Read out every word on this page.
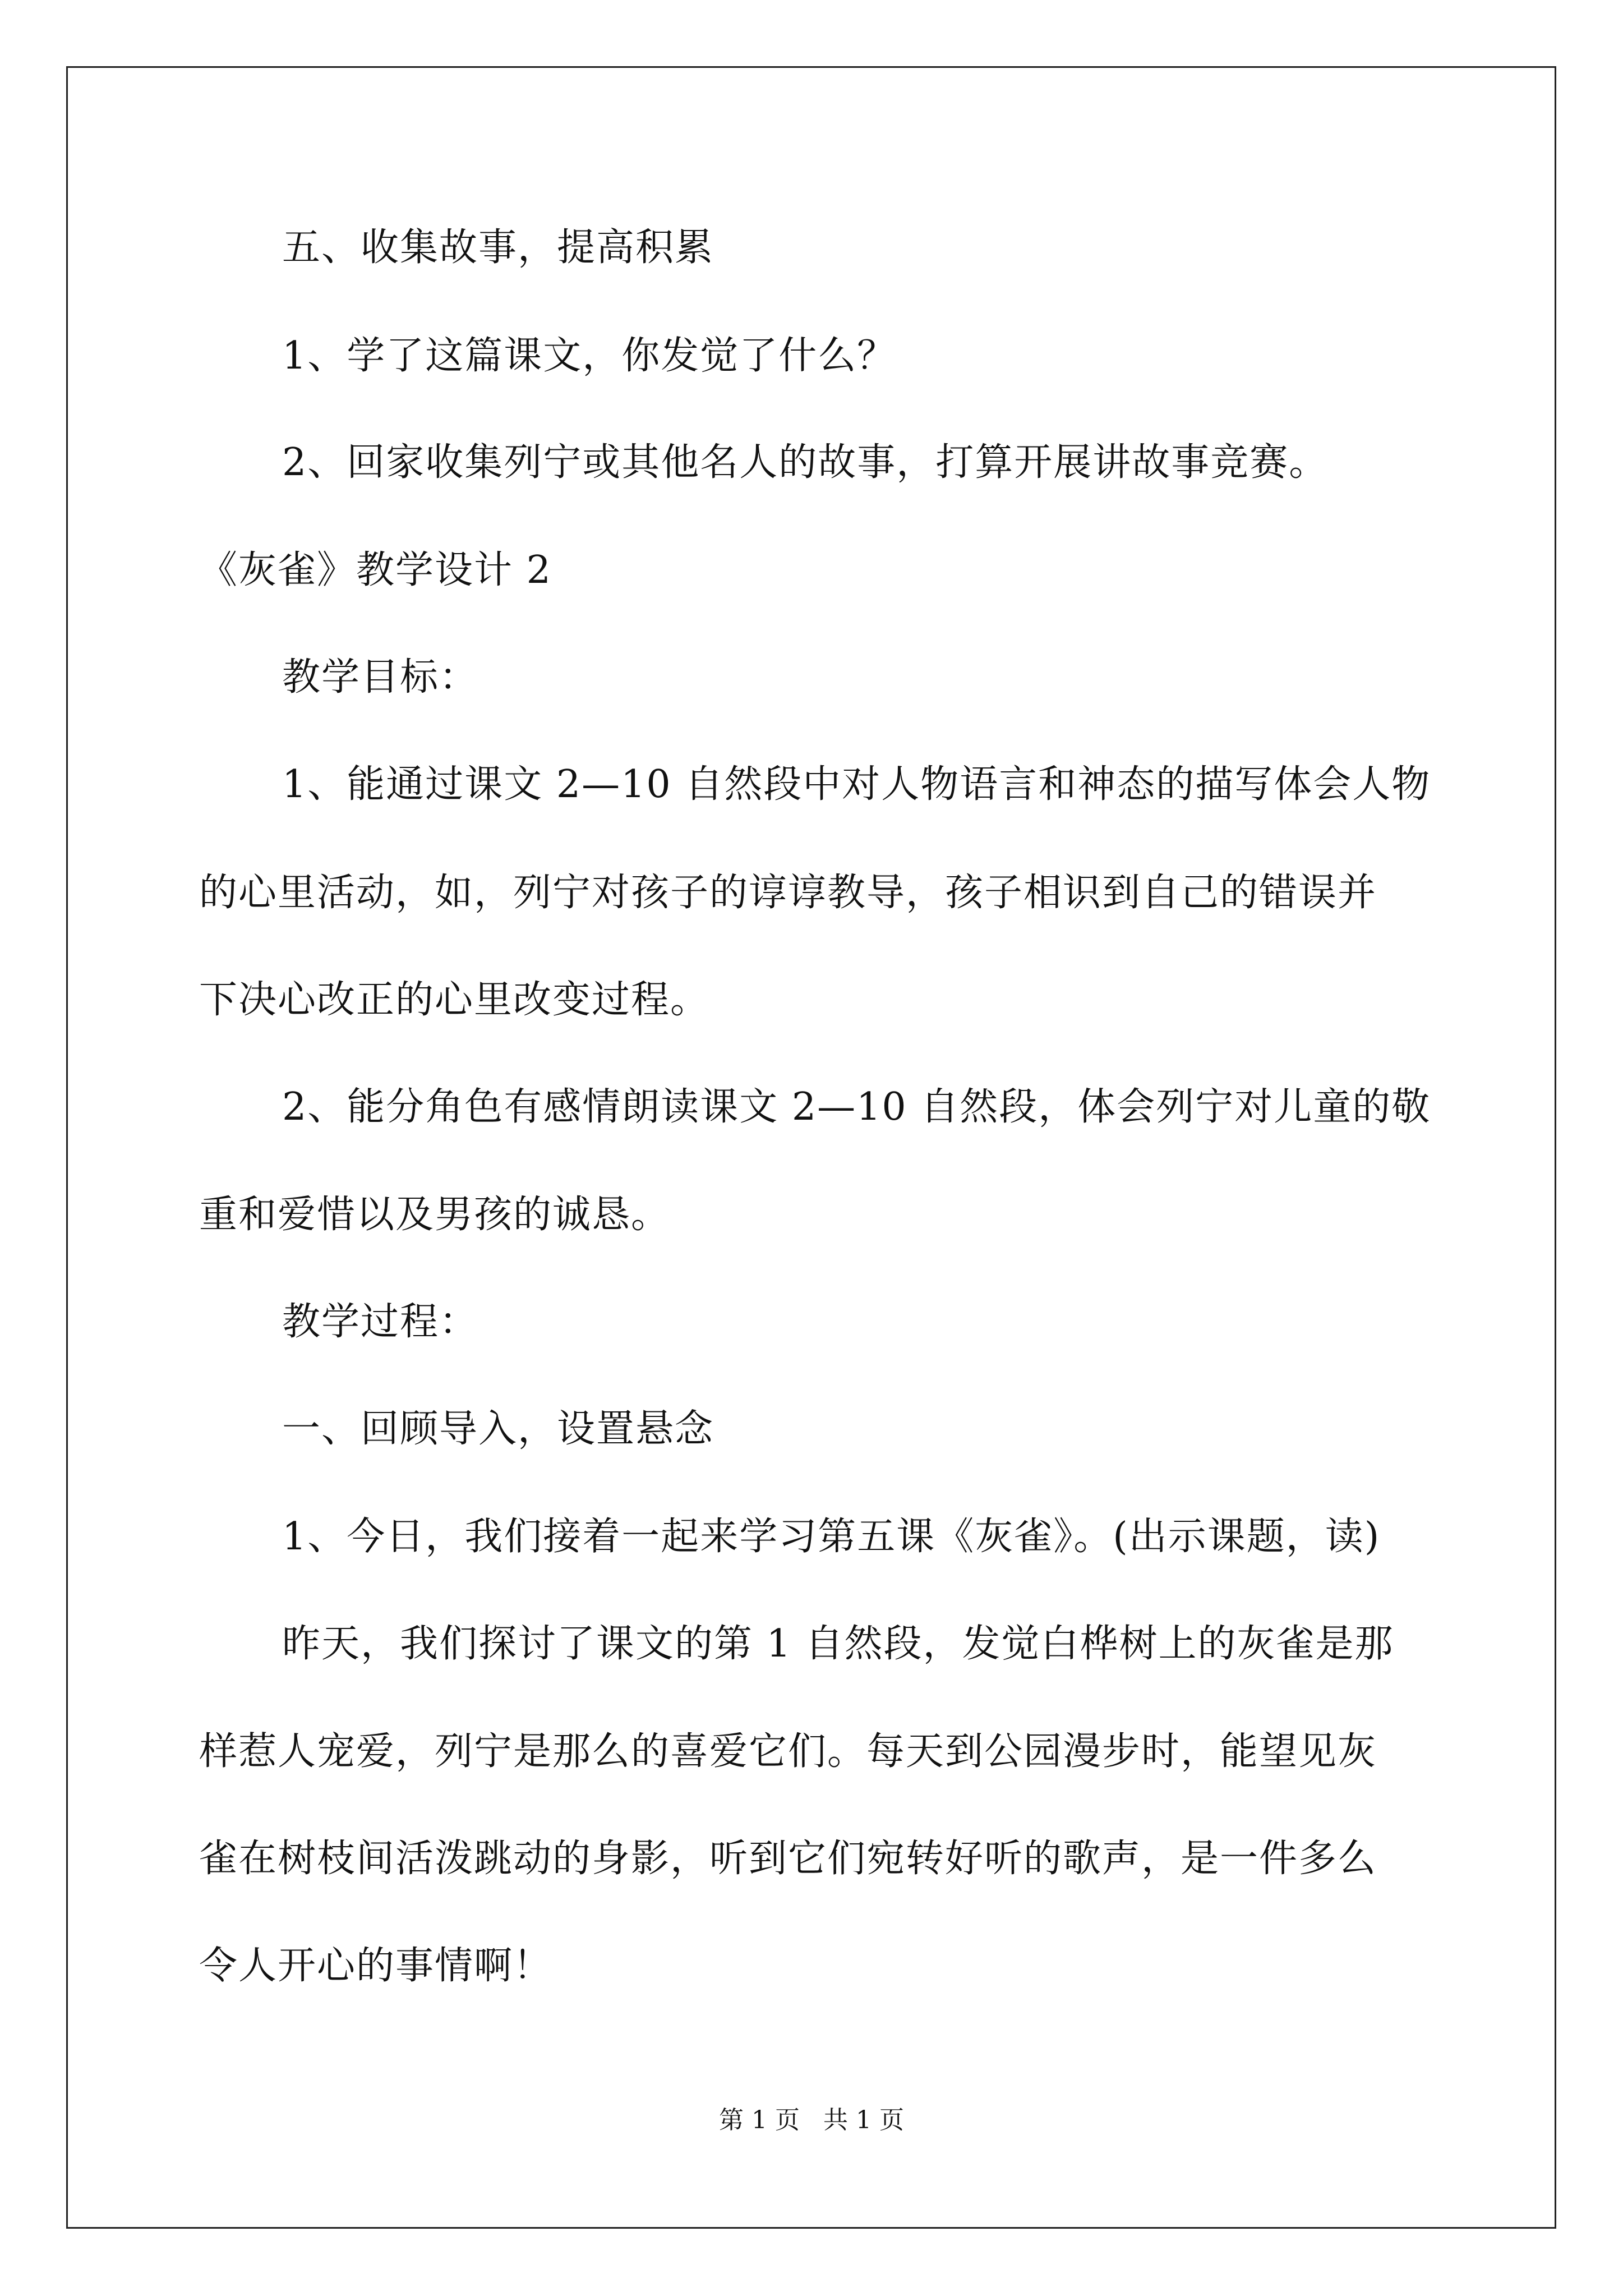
五、收集故事，提高积累
1、学了这篇课文，你发觉了什么？
2、回家收集列宁或其他名人的故事，打算开展讲故事竞赛。
《灰雀》教学设计 2
教学目标：
1、能通过课文 2—10 自然段中对人物语言和神态的描写体会人物
的心里活动，如，列宁对孩子的谆谆教导，孩子相识到自己的错误并
下决心改正的心里改变过程。
2、能分角色有感情朗读课文 2—10 自然段，体会列宁对儿童的敬
重和爱惜以及男孩的诚恳。
教学过程：
一、回顾导入，设置悬念
1、今日，我们接着一起来学习第五课《灰雀》。(出示课题，读)
昨天，我们探讨了课文的第 1 自然段，发觉白桦树上的灰雀是那
样惹人宠爱，列宁是那么的喜爱它们。每天到公园漫步时，能望见灰
雀在树枝间活泼跳动的身影，听到它们宛转好听的歌声，是一件多么
令人开心的事情啊！
第 1 页   共 1 页
